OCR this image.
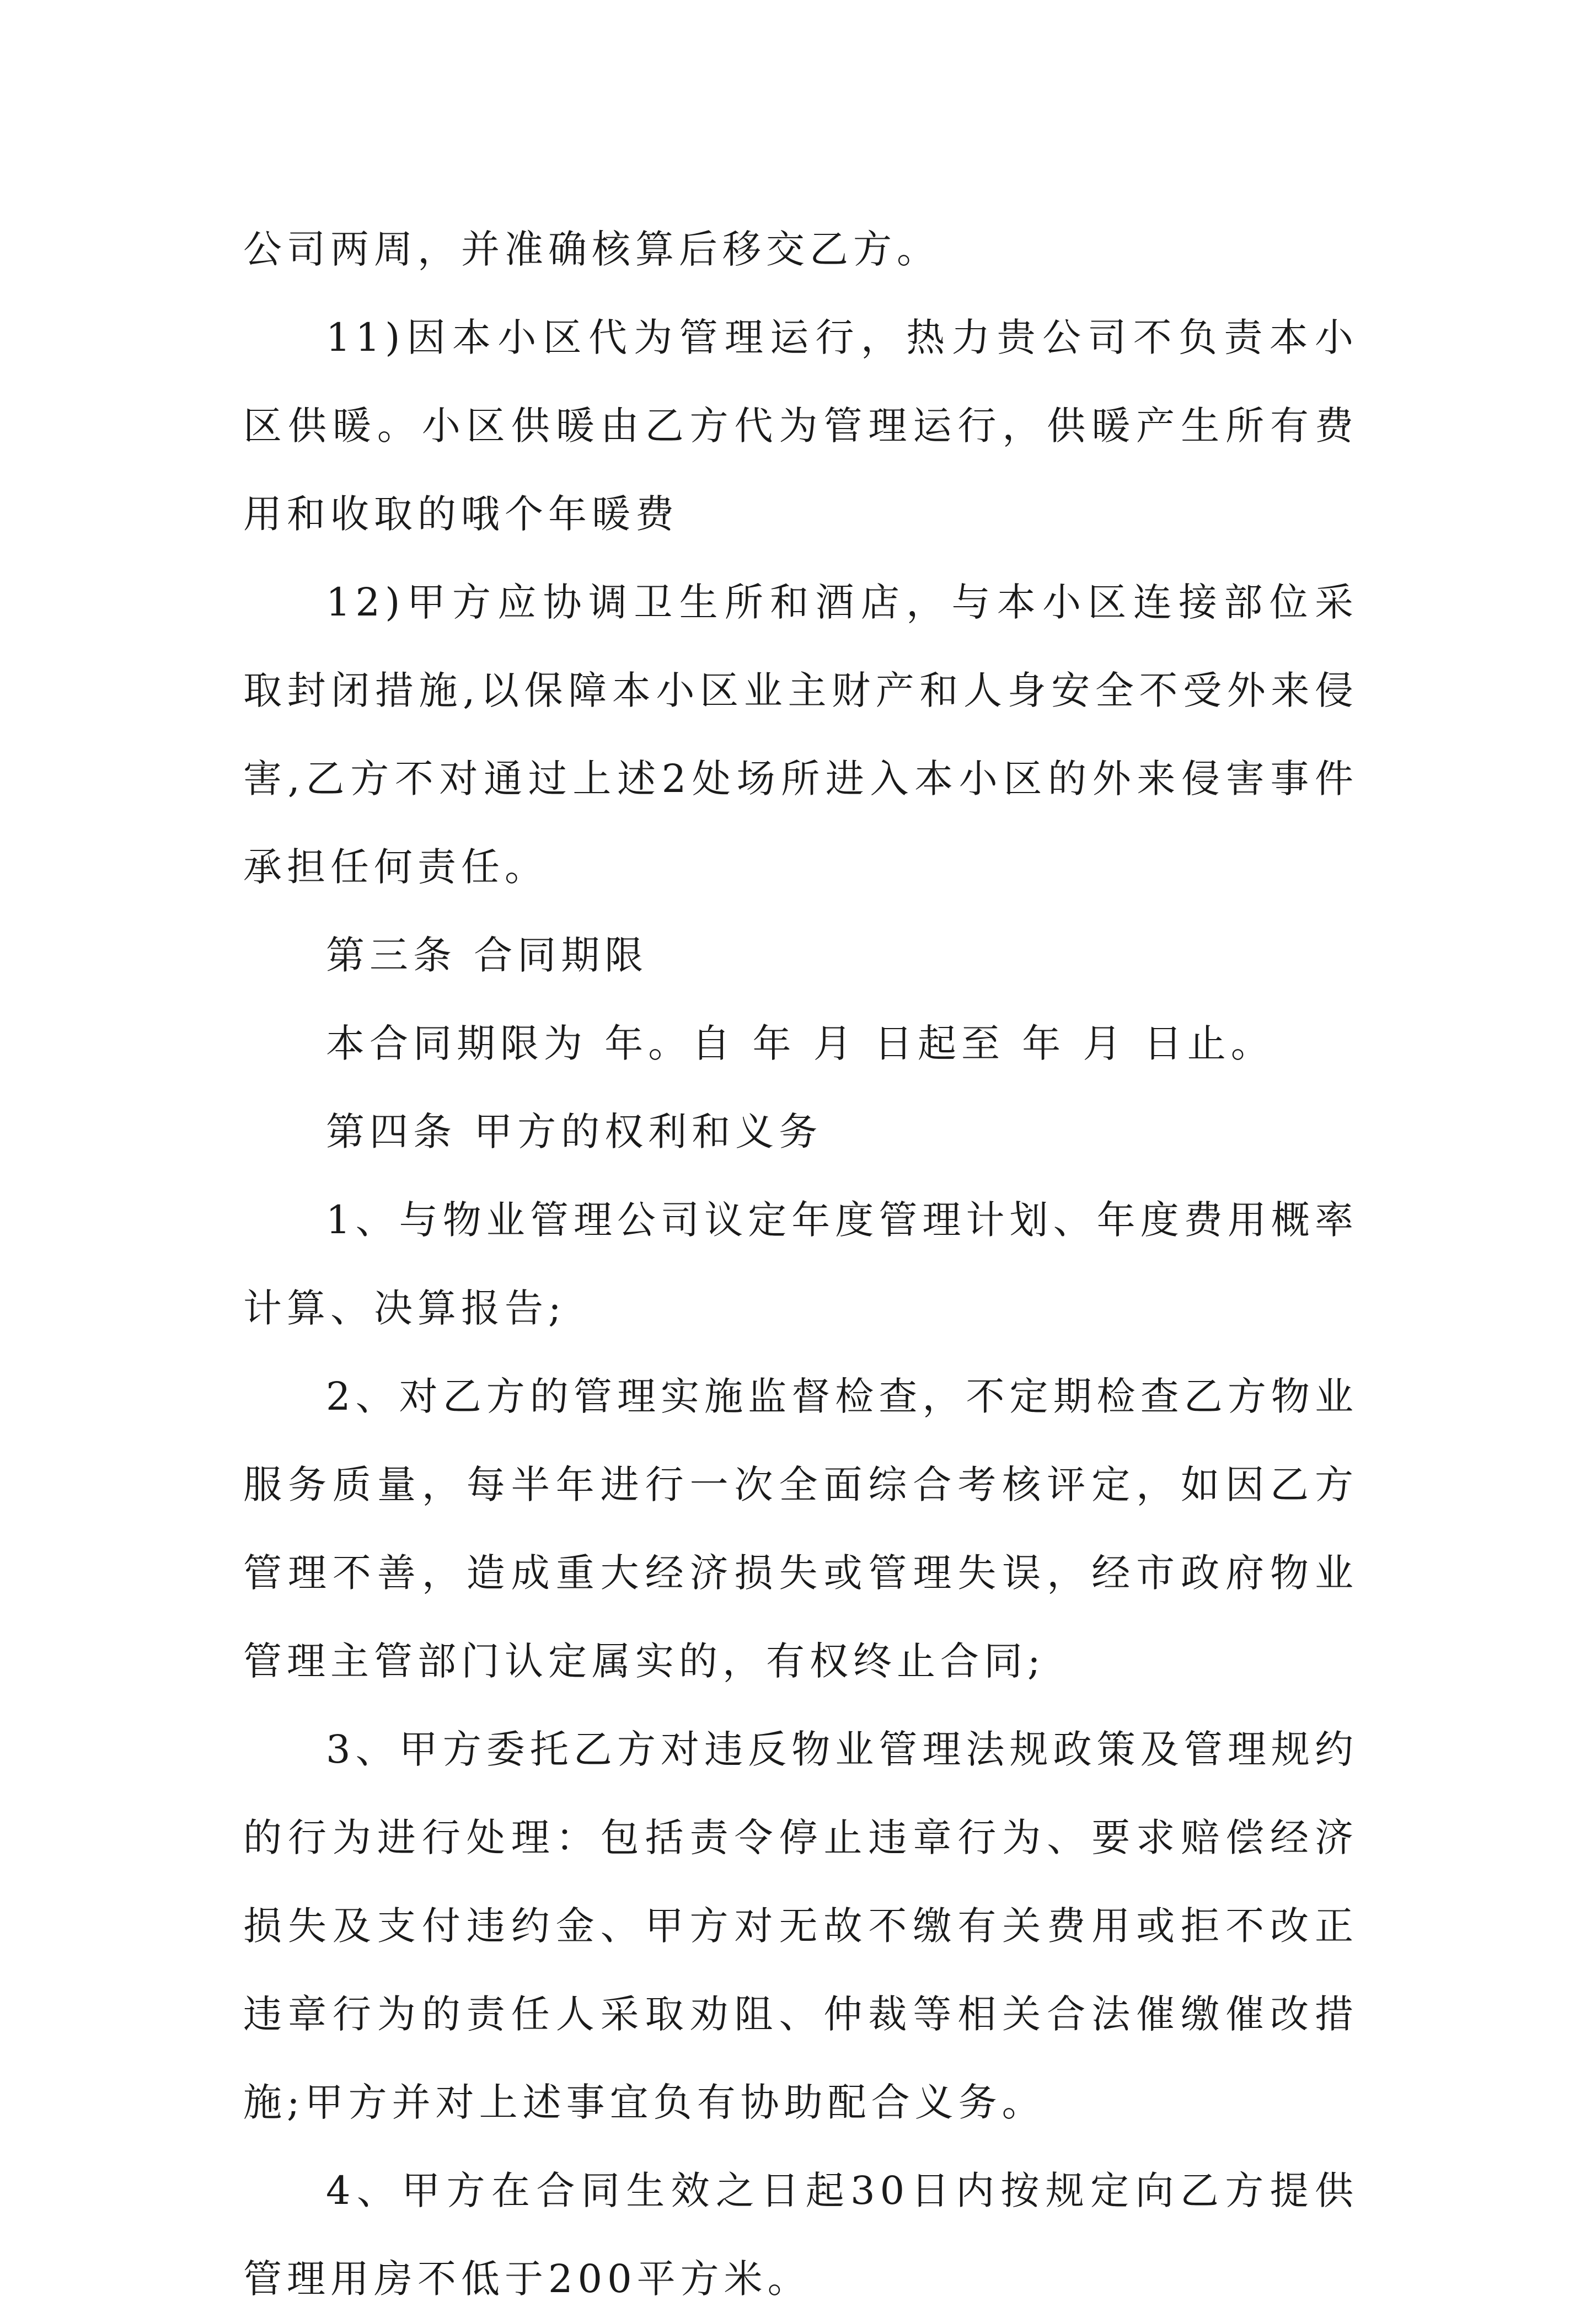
公司两周，并准确核算后移交乙方。

11)因本小区代为管理运行，热力贵公司不负责本小区供暖。小区供暖由乙方代为管理运行，供暖产生所有费用和收取的哦个年暖费

12)甲方应协调卫生所和酒店，与本小区连接部位采取封闭措施,以保障本小区业主财产和人身安全不受外来侵害,乙方不对通过上述2处场所进入本小区的外来侵害事件承担任何责任。

第三条 合同期限

本合同期限为 年。自 年 月 日起至 年 月 日止。

第四条 甲方的权利和义务

1、与物业管理公司议定年度管理计划、年度费用概率计算、决算报告;

2、对乙方的管理实施监督检查，不定期检查乙方物业服务质量，每半年进行一次全面综合考核评定，如因乙方管理不善，造成重大经济损失或管理失误，经市政府物业管理主管部门认定属实的，有权终止合同;

3、甲方委托乙方对违反物业管理法规政策及管理规约的行为进行处理：包括责令停止违章行为、要求赔偿经济损失及支付违约金、甲方对无故不缴有关费用或拒不改正违章行为的责任人采取劝阻、仲裁等相关合法催缴催改措施;甲方并对上述事宜负有协助配合义务。

4、甲方在合同生效之日起30日内按规定向乙方提供管理用房不低于200平方米。
